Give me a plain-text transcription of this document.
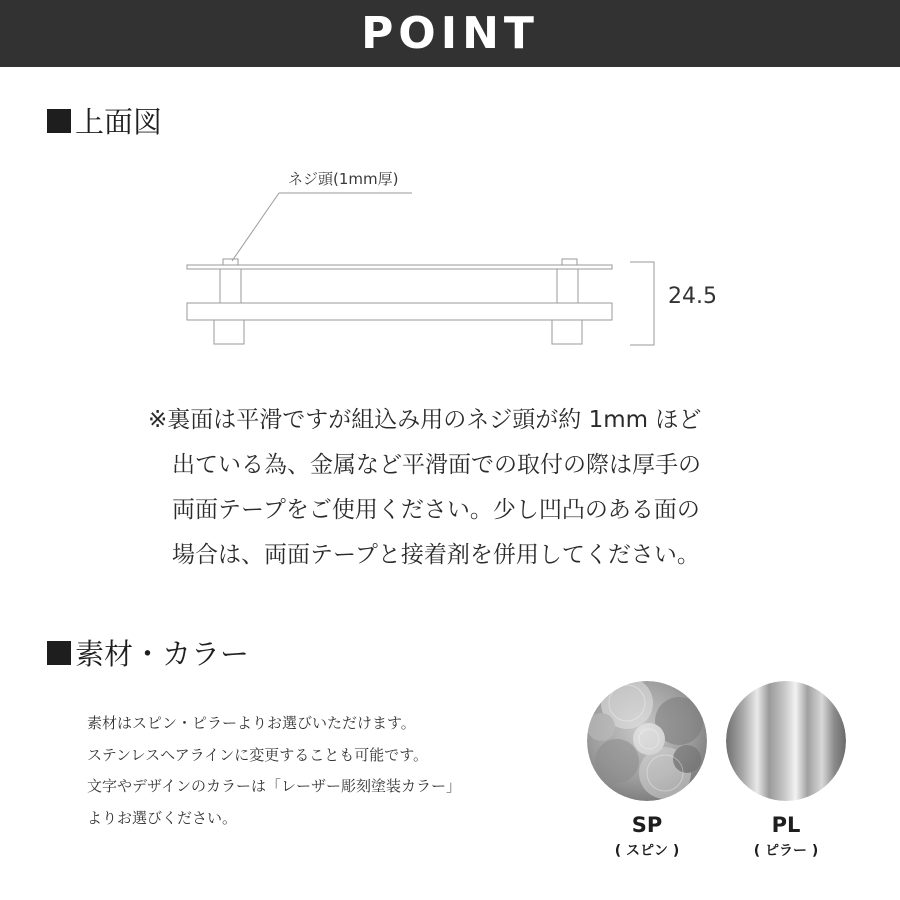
POINT
上面図
ネジ頭(1mm厚)
24.5

※裏面は平滑ですが組込み用のネジ頭が約 1mm ほど

出ている為、金属など平滑面での取付の際は厚手の

両面テープをご使用ください。少し凹凸のある面の

場合は、両面テープと接着剤を併用してください。

素材・カラー

素材はスピン・ピラーよりお選びいただけます。

ステンレスヘアラインに変更することも可能です。

文字やデザインのカラーは「レーザー彫刻塗装カラー」

よりお選びください。	SP
( スピン )
PL
( ピラー )
